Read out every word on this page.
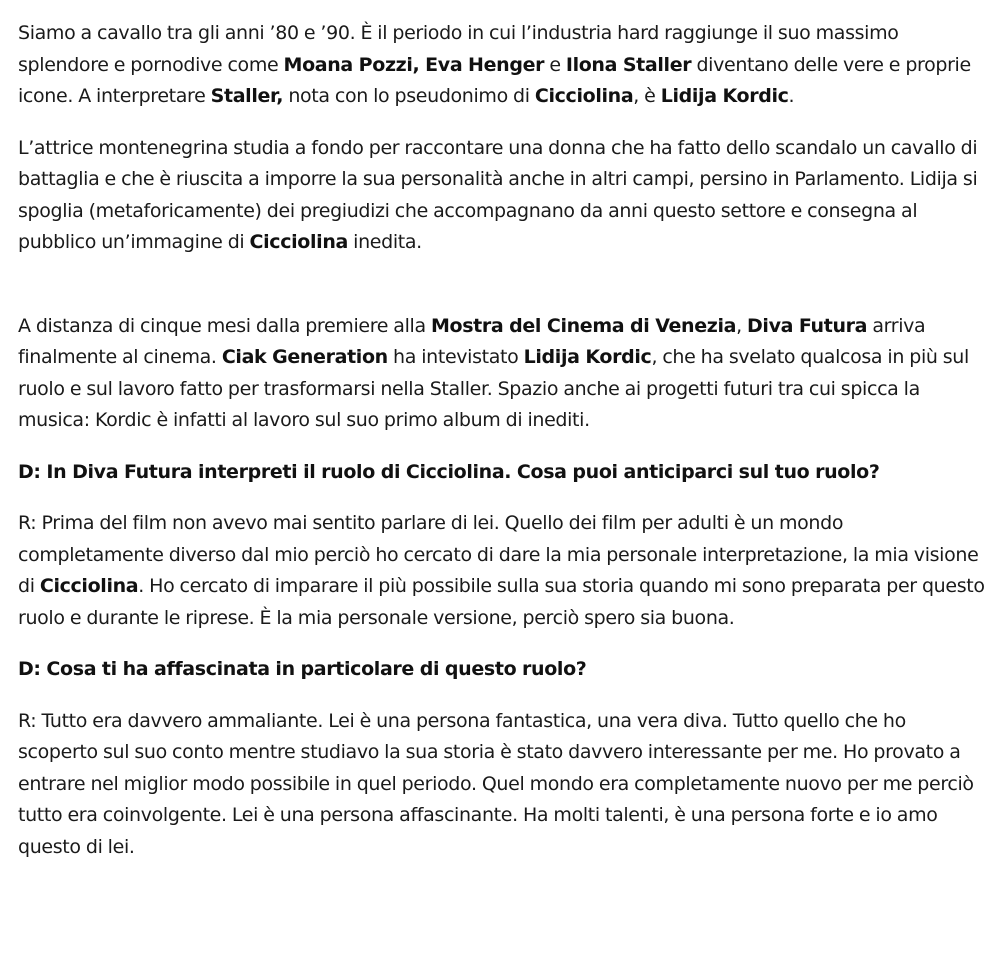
Siamo a cavallo tra gli anni ’80 e ’90. È il periodo in cui l’industria hard raggiunge il suo massimo splendore e pornodive come Moana Pozzi, Eva Henger e Ilona Staller diventano delle vere e proprie icone. A interpretare Staller, nota con lo pseudonimo di Cicciolina, è Lidija Kordic.

L’attrice montenegrina studia a fondo per raccontare una donna che ha fatto dello scandalo un cavallo di battaglia e che è riuscita a imporre la sua personalità anche in altri campi, persino in Parlamento. Lidija si spoglia (metaforicamente) dei pregiudizi che accompagnano da anni questo settore e consegna al pubblico un’immagine di Cicciolina inedita.

A distanza di cinque mesi dalla premiere alla Mostra del Cinema di Venezia, Diva Futura arriva finalmente al cinema. Ciak Generation ha intevistato Lidija Kordic, che ha svelato qualcosa in più sul ruolo e sul lavoro fatto per trasformarsi nella Staller. Spazio anche ai progetti futuri tra cui spicca la musica: Kordic è infatti al lavoro sul suo primo album di inediti.

D: In Diva Futura interpreti il ruolo di Cicciolina. Cosa puoi anticiparci sul tuo ruolo?

R: Prima del film non avevo mai sentito parlare di lei. Quello dei film per adulti è un mondo completamente diverso dal mio perciò ho cercato di dare la mia personale interpretazione, la mia visione di Cicciolina. Ho cercato di imparare il più possibile sulla sua storia quando mi sono preparata per questo ruolo e durante le riprese. È la mia personale versione, perciò spero sia buona.

D: Cosa ti ha affascinata in particolare di questo ruolo?

R: Tutto era davvero ammaliante. Lei è una persona fantastica, una vera diva. Tutto quello che ho scoperto sul suo conto mentre studiavo la sua storia è stato davvero interessante per me. Ho provato a entrare nel miglior modo possibile in quel periodo. Quel mondo era completamente nuovo per me perciò tutto era coinvolgente. Lei è una persona affascinante. Ha molti talenti, è una persona forte e io amo questo di lei.
